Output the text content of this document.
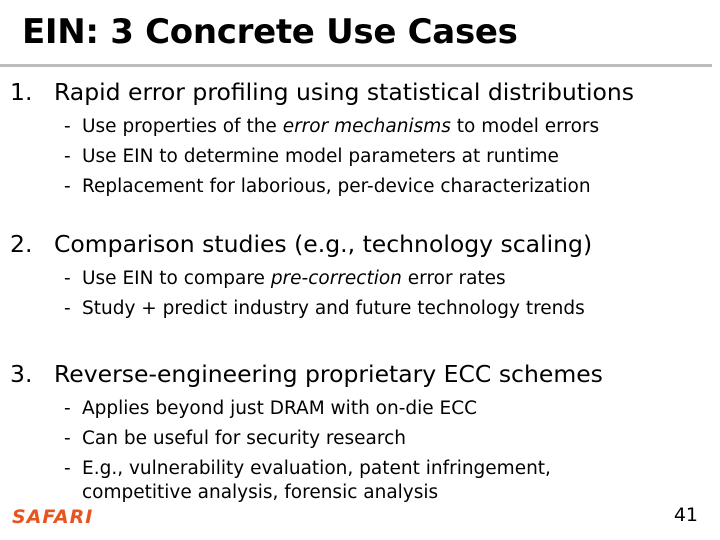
EIN: 3 Concrete Use Cases
1. Rapid error profiling using statistical distributions
- Use properties of the error mechanisms to model errors
- Use EIN to determine model parameters at runtime
- Replacement for laborious, per-device characterization
2. Comparison studies (e.g., technology scaling)
- Use EIN to compare pre-correction error rates
- Study + predict industry and future technology trends
3. Reverse-engineering proprietary ECC schemes
- Applies beyond just DRAM with on-die ECC
- Can be useful for security research
- E.g., vulnerability evaluation, patent infringement,
competitive analysis, forensic analysis
SAFARI	41
